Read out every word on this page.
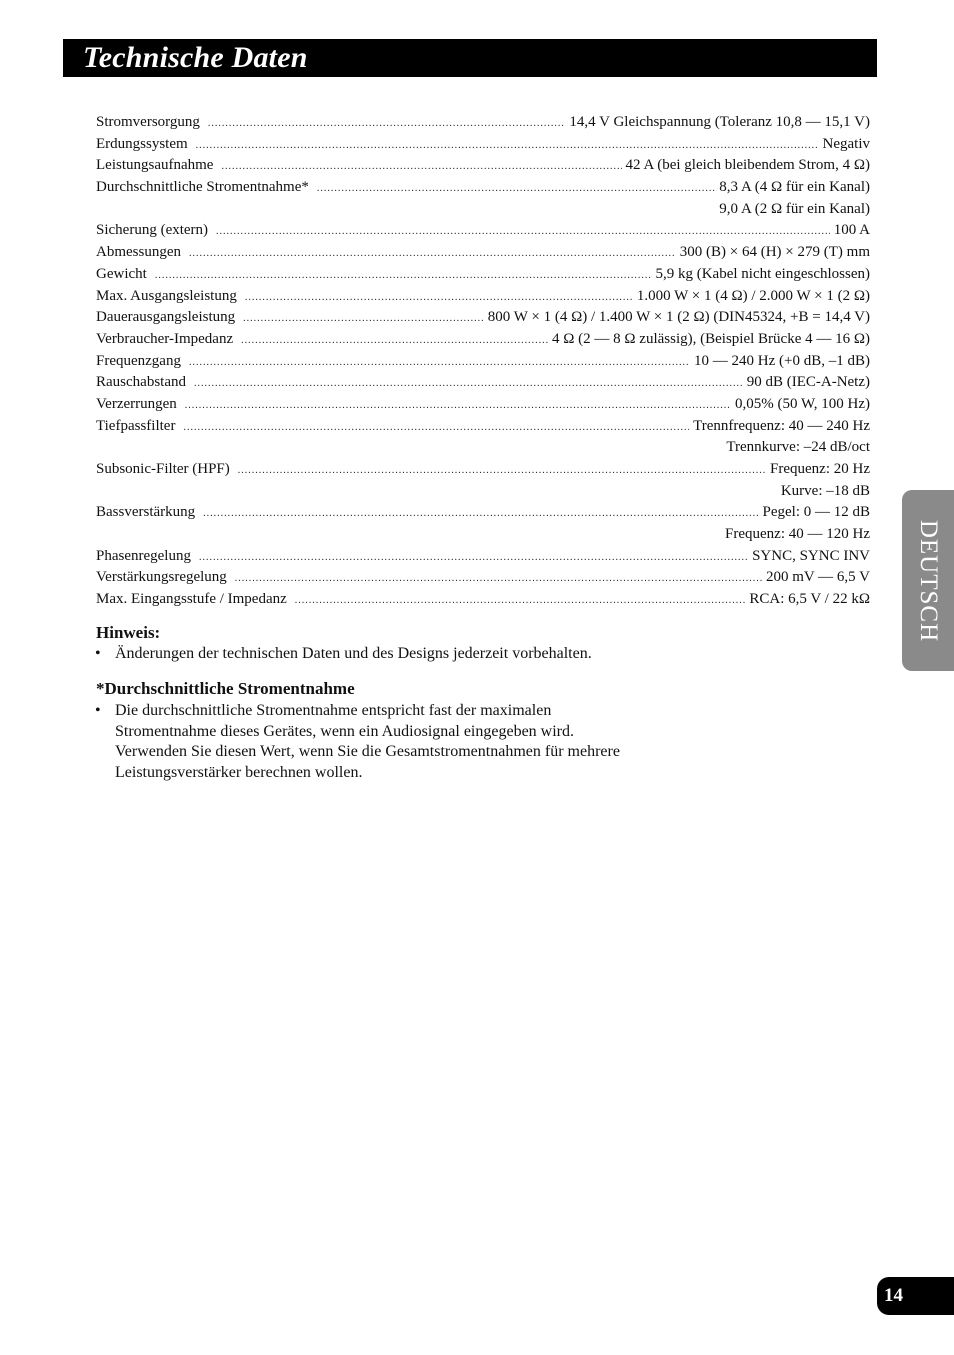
Technische Daten
Stromversorgung .....	14,4 V Gleichspannung (Toleranz 10,8 — 15,1 V)
Erdungssystem .....	Negativ
Leistungsaufnahme .....	42 A (bei gleich bleibendem Strom, 4 Ω)
Durchschnittliche Stromentnahme* .....	8,3 A (4 Ω für ein Kanal)
9,0 A (2 Ω für ein Kanal)
Sicherung (extern) .....	100 A
Abmessungen .....	300 (B) × 64 (H) × 279 (T) mm
Gewicht .....	5,9 kg (Kabel nicht eingeschlossen)
Max. Ausgangsleistung .....	1.000 W × 1 (4 Ω) / 2.000 W × 1 (2 Ω)
Dauerausgangsleistung .....	800 W × 1 (4 Ω) / 1.400 W × 1 (2 Ω) (DIN45324, +B = 14,4 V)
Verbraucher-Impedanz .....	4 Ω (2 — 8 Ω zulässig), (Beispiel Brücke 4 — 16 Ω)
Frequenzgang .....	10 — 240 Hz (+0 dB, –1 dB)
Rauschabstand .....	90 dB (IEC-A-Netz)
Verzerrungen .....	0,05% (50 W, 100 Hz)
Tiefpassfilter .....	Trennfrequenz: 40 — 240 Hz
Trennkurve: –24 dB/oct
Subsonic-Filter (HPF) .....	Frequenz: 20 Hz
Kurve: –18 dB
Bassverstärkung .....	Pegel: 0 — 12 dB
Frequenz: 40 — 120 Hz
Phasenregelung .....	SYNC, SYNC INV
Verstärkungsregelung .....	200 mV — 6,5 V
Max. Eingangsstufe / Impedanz .....	RCA: 6,5 V / 22 kΩ
Hinweis:
• Änderungen der technischen Daten und des Designs jederzeit vorbehalten.
*Durchschnittliche Stromentnahme
• Die durchschnittliche Stromentnahme entspricht fast der maximalen
Stromentnahme dieses Gerätes, wenn ein Audiosignal eingegeben wird.
Verwenden Sie diesen Wert, wenn Sie die Gesamtstromentnahmen für mehrere
Leistungsverstärker berechnen wollen.
DEUTSCH
14
